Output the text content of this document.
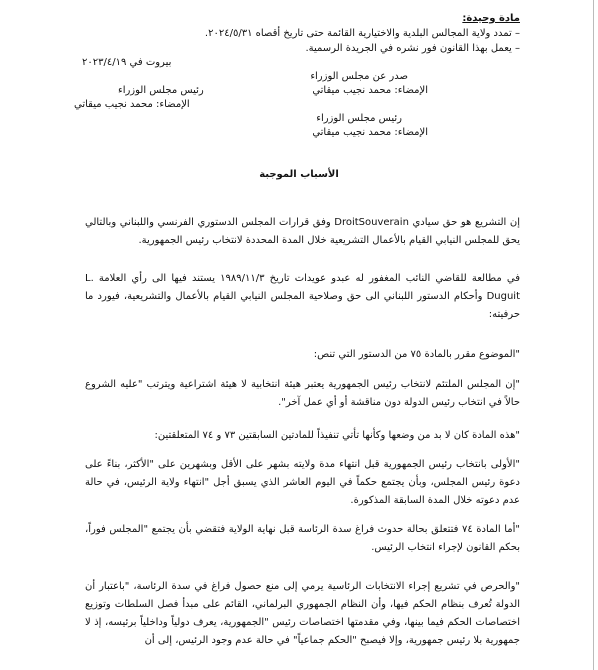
مادة وحيدة:
– تمدد ولاية المجالس البلدية والاختيارية القائمة حتى تاريخ أقصاه ٢٠٢٤/٥/٣١.
– يعمل بهذا القانون فور نشره في الجريدة الرسمية.
بيروت في ٢٠٢٣/٤/١٩
صدر عن مجلس الوزراء
الإمضاء: محمد نجيب ميقاتي
رئيس مجلس الوزراء
الإمضاء: محمد نجيب ميقاتي
رئيس مجلس الوزراء
الإمضاء: محمد نجيب ميقاتي
الأسباب الموجبة

إن التشريع هو حق سيادي DroitSouverain وفق قرارات المجلس الدستوري الفرنسي واللبناني وبالتالي يحق للمجلس النيابي القيام بالأعمال التشريعية خلال المدة المحددة لانتخاب رئيس الجمهورية.

في مطالعة للقاضي النائب المغفور له عبدو عويدات تاريخ ١٩٨٩/١١/٣ يستند فيها الى رأي العلامة L. Duguit وأحكام الدستور اللبناني الى حق وصلاحية المجلس النيابي القيام بالأعمال والتشريعية، فيورد ما حرفيته:

"الموضوع مقرر بالمادة ٧٥ من الدستور التي تنص:

"إن المجلس الملتئم لانتخاب رئيس الجمهورية يعتبر هيئة انتخابية لا هيئة اشتراعية ويترتب "عليه الشروع حالاً في انتخاب رئيس الدولة دون مناقشة أو أي عمل آخر".

"هذه المادة كان لا بد من وضعها وكأنها تأتي تنفيذاً للمادتين السابقتين ٧٣ و ٧٤ المتعلقتين:

"الأولى بانتخاب رئيس الجمهورية قبل انتهاء مدة ولايته بشهر على الأقل وبشهرين على "الأكثر، بناءً على دعوة رئيس المجلس، وبأن يجتمع حكماً في اليوم العاشر الذي يسبق أجل "انتهاء ولاية الرئيس، في حالة عدم دعوته خلال المدة السابقة المذكورة.

"أما المادة ٧٤ فتتعلق بحالة حدوث فراغ سدة الرئاسة قبل نهاية الولاية فتقضي بأن يجتمع "المجلس فوراً، بحكم القانون لإجراء انتخاب الرئيس.

"والحرص في تشريع إجراء الانتخابات الرئاسية يرمي إلى منع حصول فراغ في سدة الرئاسة، "باعتبار أن الدولة تُعرف بنظام الحكم فيها، وأن النظام الجمهوري البرلماني، القائم على مبدأ فصل السلطات وتوزيع اختصاصات الحكم فيما بينها، وفي مقدمتها اختصاصات رئيس "الجمهورية، يعرف دولياً وداخلياً برئيسه، إذ لا جمهورية بلا رئيس جمهورية، وإلا فيصبح "الحكم جماعياً" في حالة عدم وجود الرئيس، إلى أن
